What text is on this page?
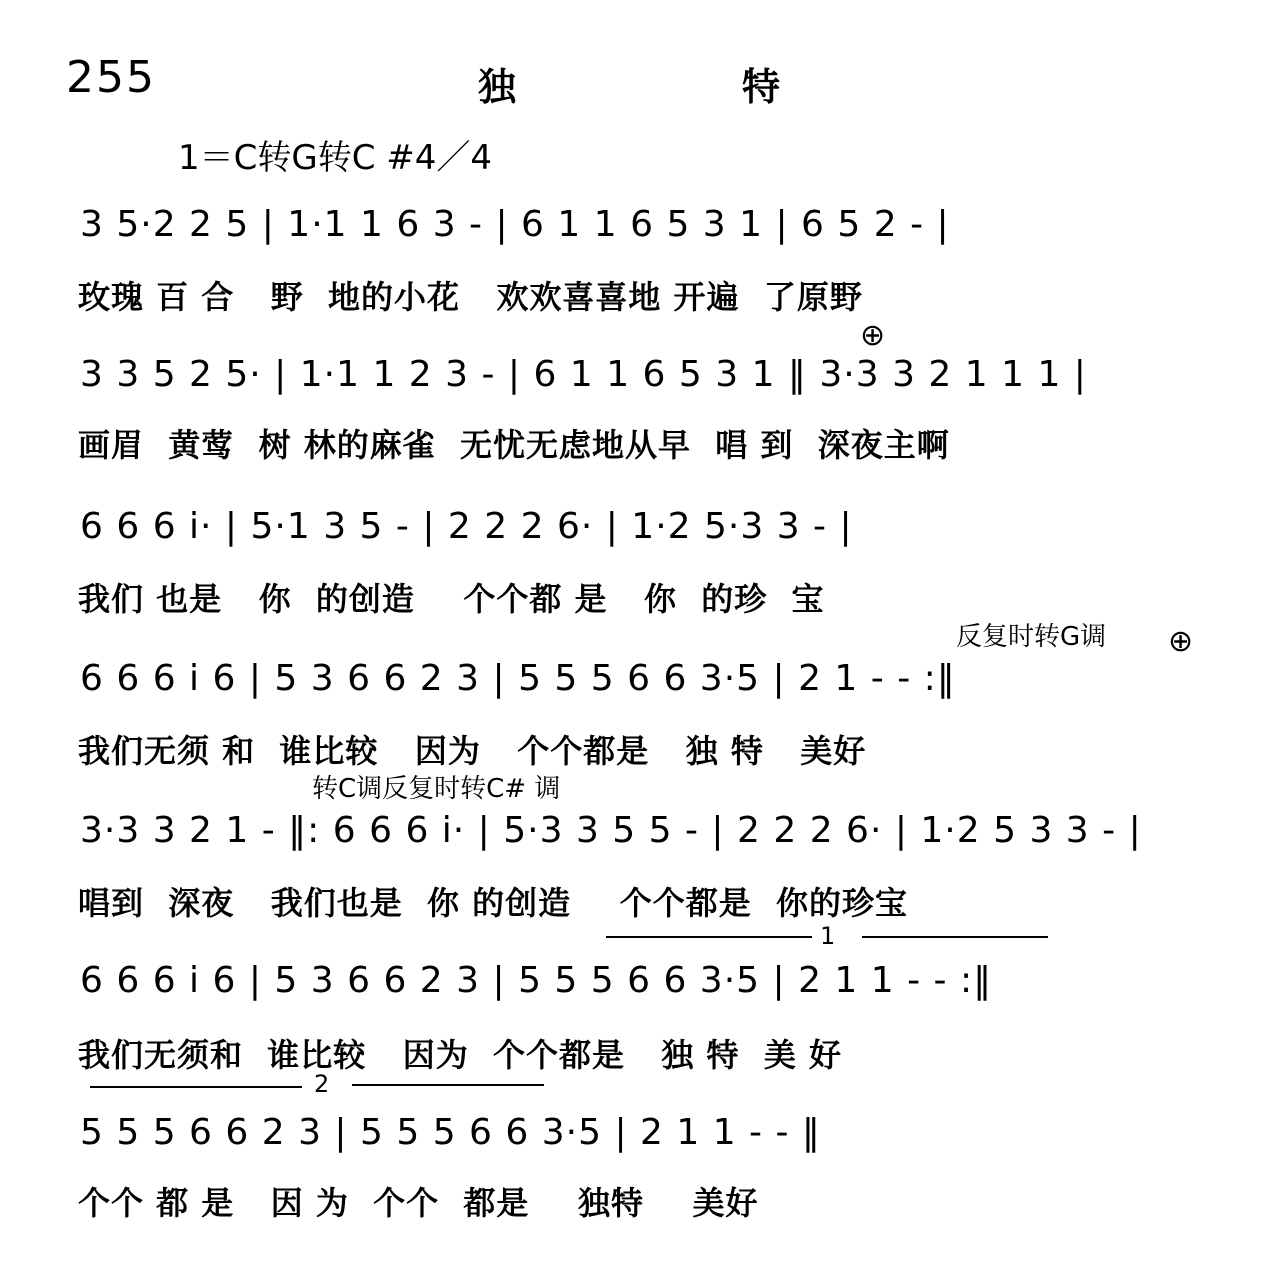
255	独	特
1＝C转G转C #4／4
3 5·2 2 5 | 1·1 1 6 3 - | 6 1 1 6 5 3 1 | 6 5 2 - |
玫瑰 百 合   野  地的小花   欢欢喜喜地 开遍  了原野
⊕
3 3 5 2 5· | 1·1 1 2 3 - | 6 1 1 6 5 3 1 ‖ 3·3 3 2 1 1 1 |
画眉  黄莺  树 林的麻雀  无忧无虑地从早  唱 到  深夜主啊
6 6 6 i· | 5·1 3 5 - | 2 2 2 6· | 1·2 5·3 3 - |
我们 也是   你  的创造    个个都 是   你  的珍  宝
反复时转G调 ⊕
6 6 6 i 6 | 5 3 6 6 2 3 | 5 5 5 6 6 3·5 | 2 1 - - :‖
我们无须 和  谁比较   因为   个个都是   独 特   美好
转C调反复时转C# 调
3·3 3 2 1 - ‖: 6 6 6 i· | 5·3 3 5 5 - | 2 2 2 6· | 1·2 5 3 3 - |
唱到  深夜   我们也是  你 的创造    个个都是  你的珍宝
1
6 6 6 i 6 | 5 3 6 6 2 3 | 5 5 5 6 6 3·5 | 2 1 1 - - :‖
我们无须和  谁比较   因为  个个都是   独 特  美 好
2
5 5 5 6 6 2 3 | 5 5 5 6 6 3·5 | 2 1 1 - - ‖
个个 都 是   因 为  个个  都是    独特    美好
